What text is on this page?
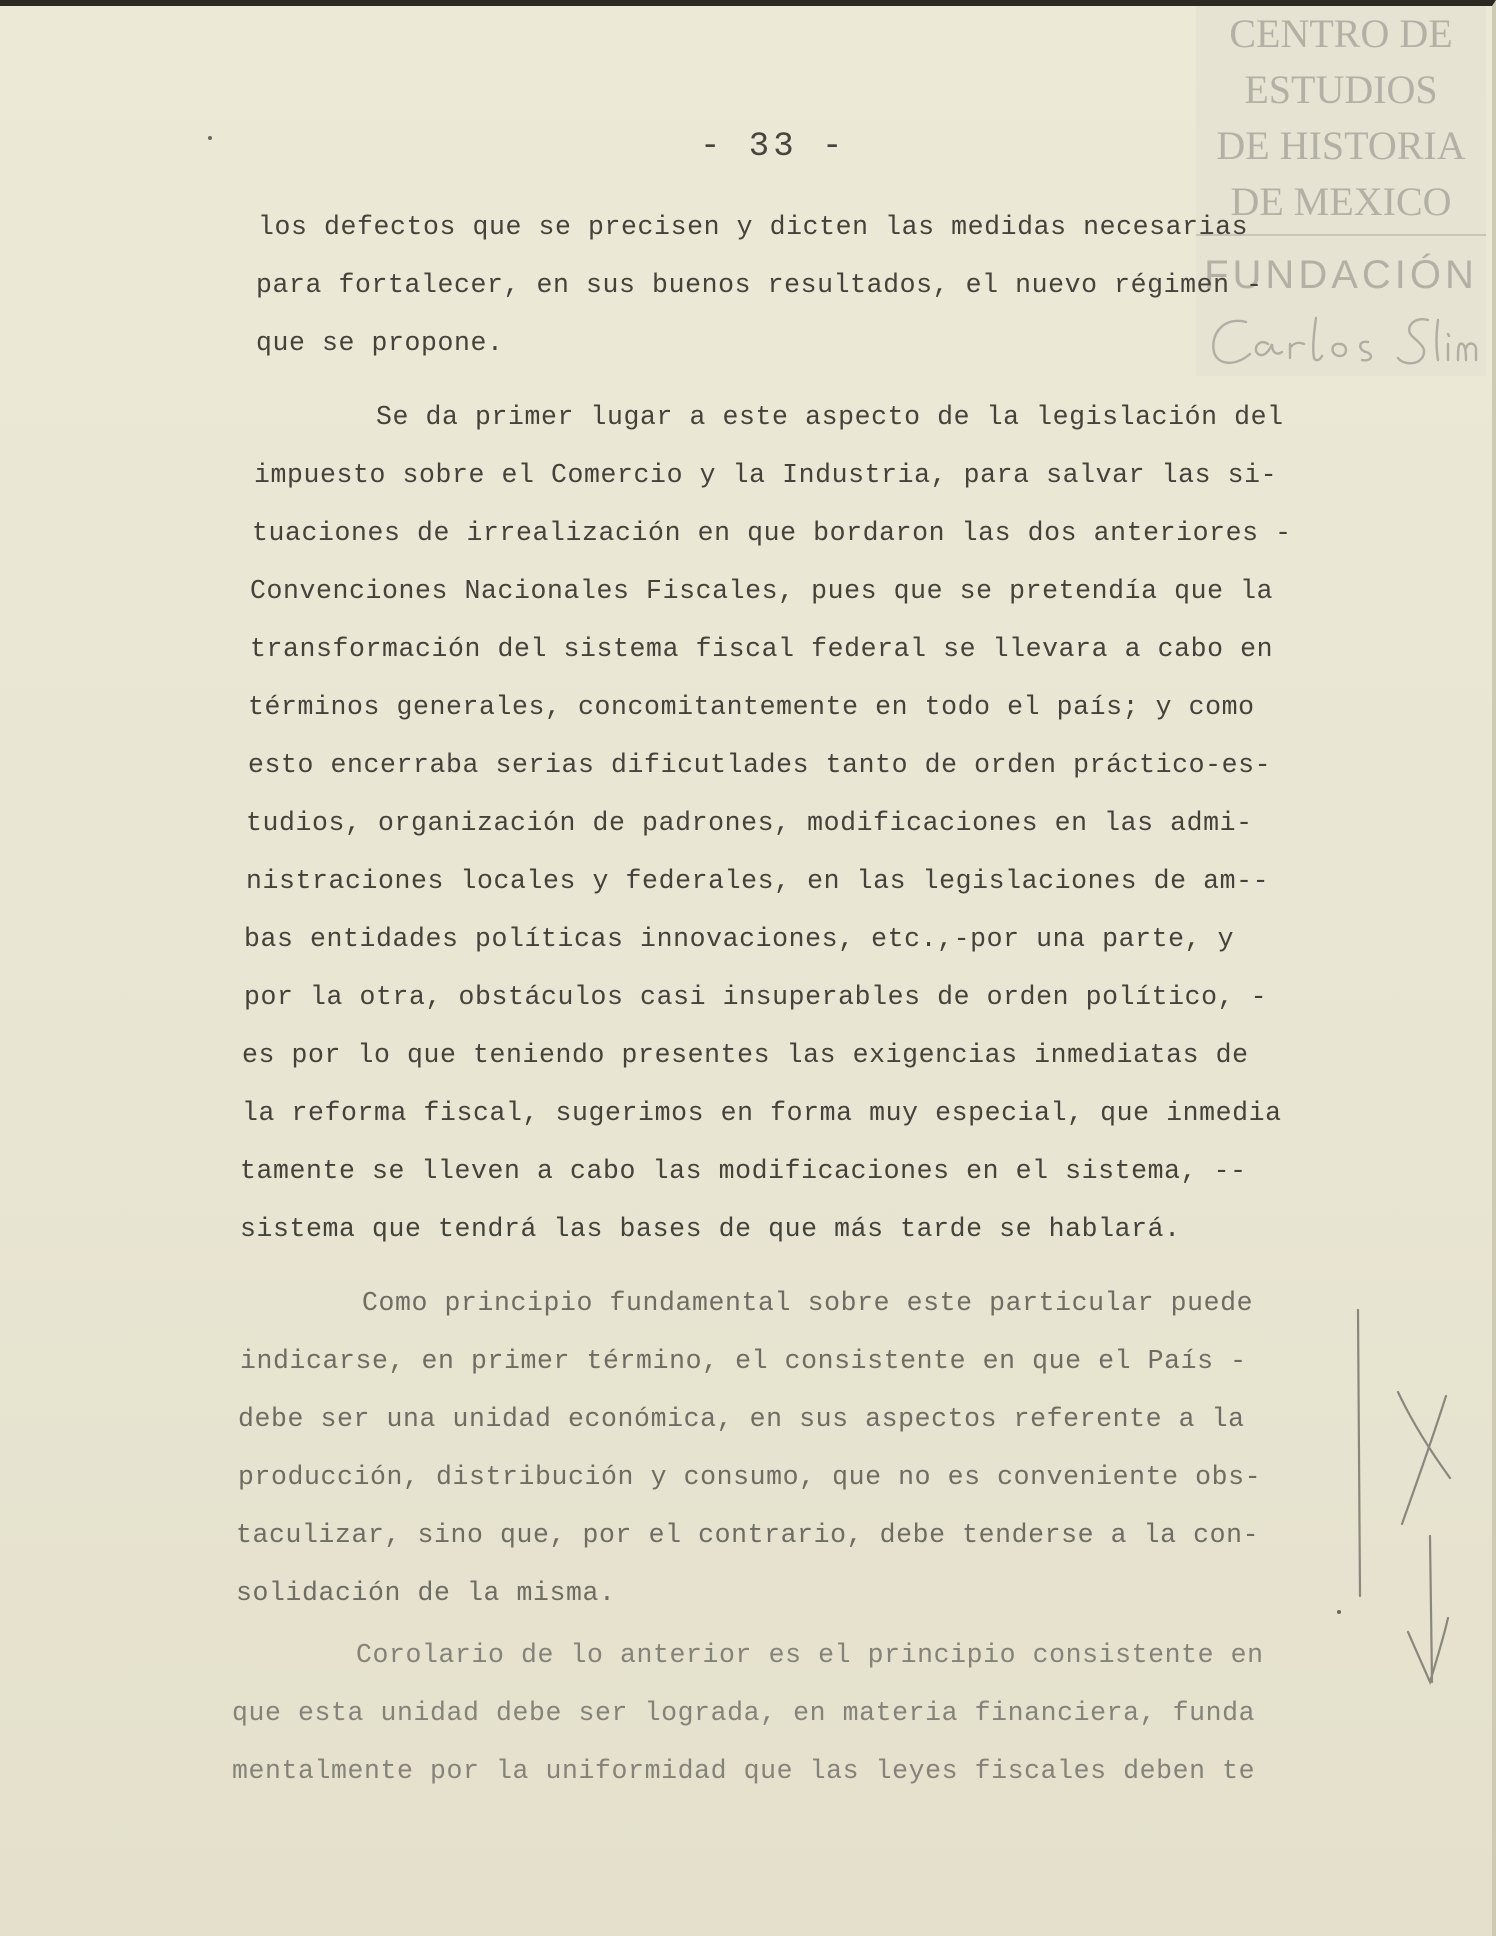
CENTRO DE
ESTUDIOS
DE HISTORIA
DE MEXICO
FUNDACIÓN
- 33 -
los defectos que se precisen y dicten las medidas necesarias
para fortalecer, en sus buenos resultados, el nuevo régimen -
que se propone.
Se da primer lugar a este aspecto de la legislación del
impuesto sobre el Comercio y la Industria, para salvar las si-
tuaciones de irrealización en que bordaron las dos anteriores -
Convenciones Nacionales Fiscales, pues que se pretendía que la
transformación del sistema fiscal federal se llevara a cabo en
términos generales, concomitantemente en todo el país; y como
esto encerraba serias dificutlades tanto de orden práctico-es-
tudios, organización de padrones, modificaciones en las admi-
nistraciones locales y federales, en las legislaciones de am--
bas entidades políticas innovaciones, etc.,-por una parte, y
por la otra, obstáculos casi insuperables de orden político, -
es por lo que teniendo presentes las exigencias inmediatas de
la reforma fiscal, sugerimos en forma muy especial, que inmedia
tamente se lleven a cabo las modificaciones en el sistema, --
sistema que tendrá las bases de que más tarde se hablará.
Como principio fundamental sobre este particular puede
indicarse, en primer término, el consistente en que el País -
debe ser una unidad económica, en sus aspectos referente a la
producción, distribución y consumo, que no es conveniente obs-
taculizar, sino que, por el contrario, debe tenderse a la con-
solidación de la misma.
Corolario de lo anterior es el principio consistente en
que esta unidad debe ser lograda, en materia financiera, funda
mentalmente por la uniformidad que las leyes fiscales deben te
